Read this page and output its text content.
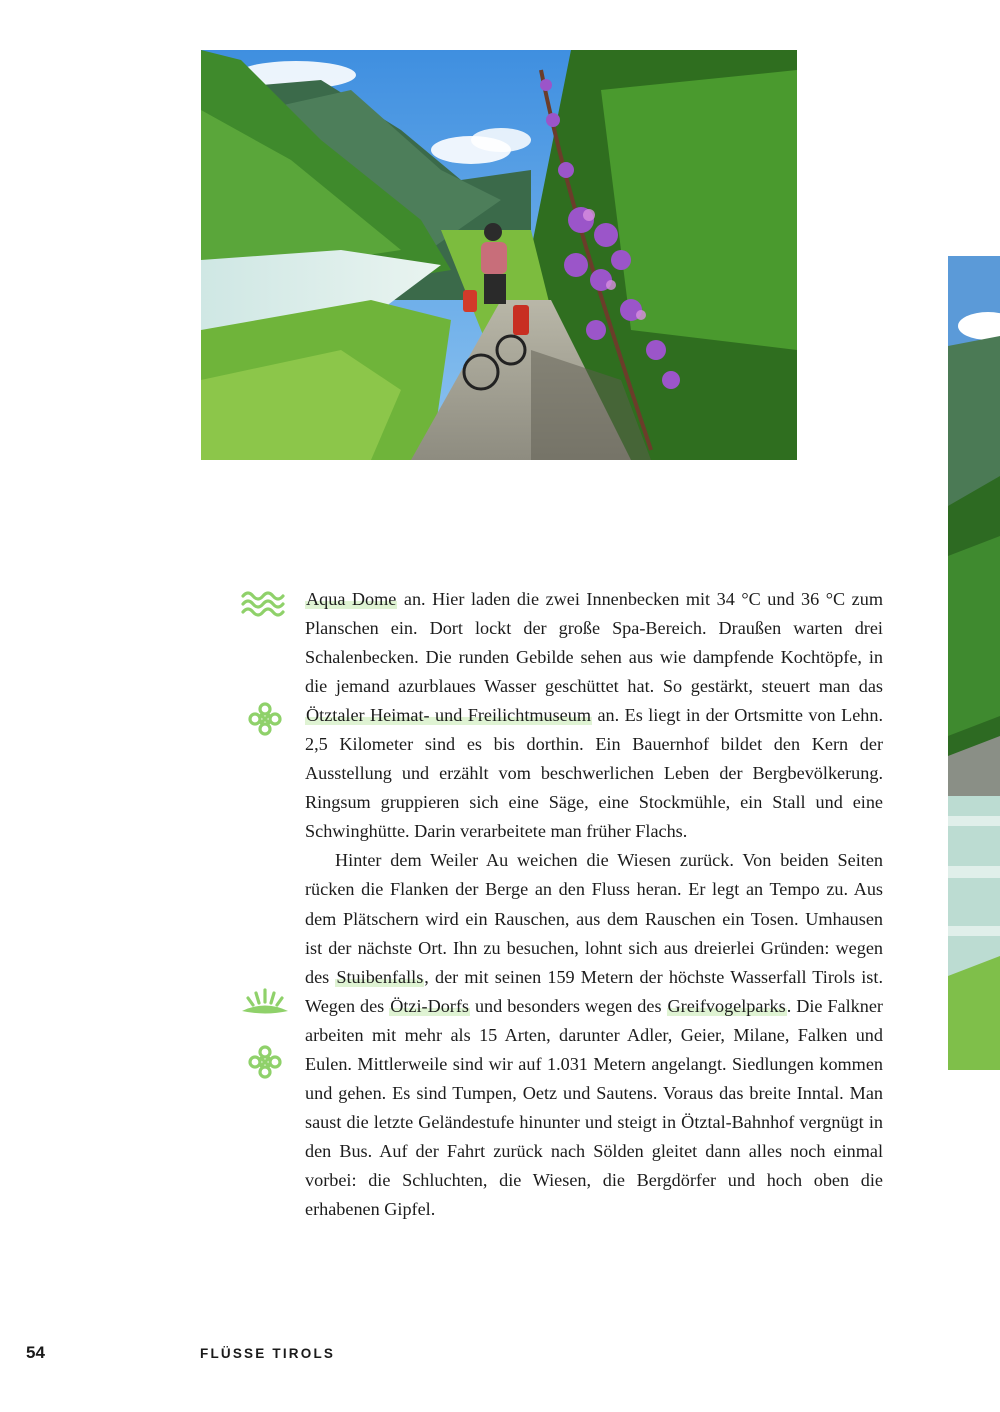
Aqua Dome an. Hier laden die zwei Innenbecken mit 34 °C und 36 °C zum Planschen ein. Dort lockt der große Spa-Bereich. Draußen warten drei Schalenbecken. Die runden Gebilde sehen aus wie dampfende Kochtöpfe, in die jemand azurblaues Wasser geschüttet hat. So gestärkt, steuert man das Ötztaler Heimat- und Freilichtmuseum an. Es liegt in der Ortsmitte von Lehn. 2,5 Kilometer sind es bis dorthin. Ein Bauernhof bildet den Kern der Ausstellung und erzählt vom beschwerlichen Leben der Bergbevölkerung. Ringsum gruppieren sich eine Säge, eine Stockmühle, ein Stall und eine Schwinghütte. Darin verarbeitete man früher Flachs.

Hinter dem Weiler Au weichen die Wiesen zurück. Von beiden Seiten rücken die Flanken der Berge an den Fluss heran. Er legt an Tempo zu. Aus dem Plätschern wird ein Rauschen, aus dem Rauschen ein Tosen. Umhausen ist der nächste Ort. Ihn zu besuchen, lohnt sich aus dreierlei Gründen: wegen des Stuibenfalls, der mit seinen 159 Metern der höchste Wasserfall Tirols ist. Wegen des Ötzi-Dorfs und besonders wegen des Greifvogelparks. Die Falkner arbeiten mit mehr als 15 Arten, darunter Adler, Geier, Milane, Falken und Eulen. Mittlerweile sind wir auf 1.031 Metern angelangt. Siedlungen kommen und gehen. Es sind Tumpen, Oetz und Sautens. Voraus das breite Inntal. Man saust die letzte Geländestufe hinunter und steigt in Ötztal-Bahnhof vergnügt in den Bus. Auf der Fahrt zurück nach Sölden gleitet dann alles noch einmal vorbei: die Schluchten, die Wiesen, die Bergdörfer und hoch oben die erhabenen Gipfel.

54	FLÜSSE TIROLS
